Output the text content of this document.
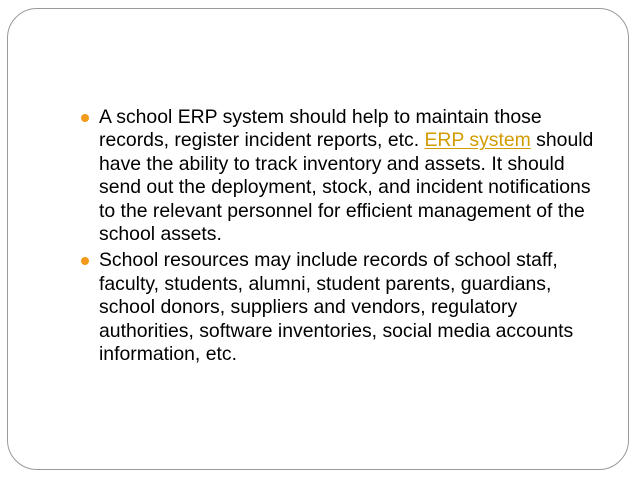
A school ERP system should help to maintain those records, register incident reports, etc. ERP system should have the ability to track inventory and assets. It should send out the deployment, stock, and incident notifications to the relevant personnel for efficient management of the school assets.
School resources may include records of school staff, faculty, students, alumni, student parents, guardians, school donors, suppliers and vendors, regulatory authorities, software inventories, social media accounts information, etc.
